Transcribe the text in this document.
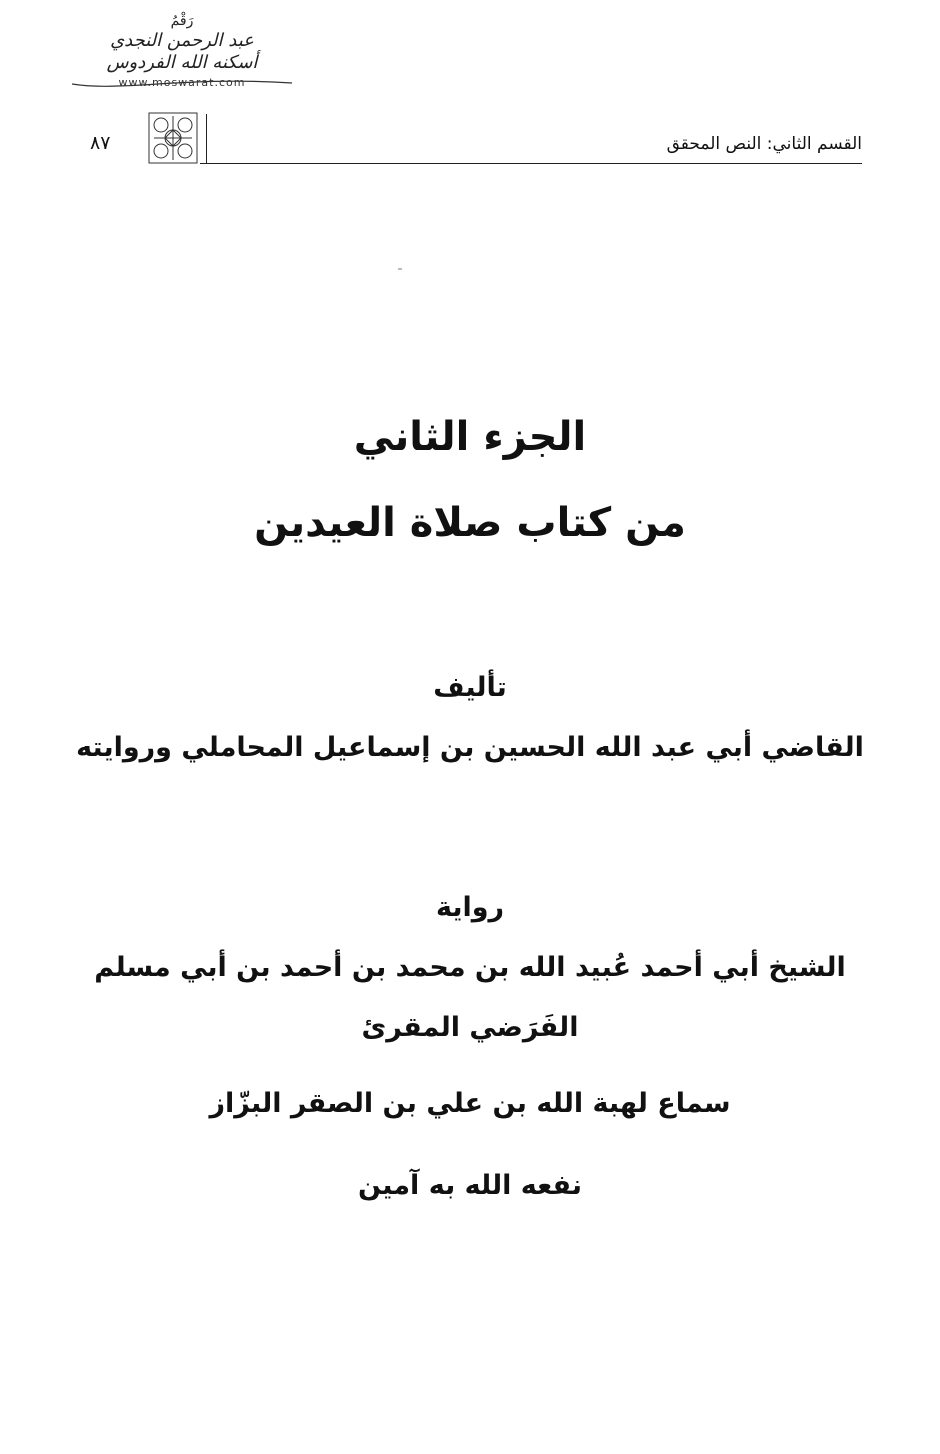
رَقْمُ
عبد الرحمن النجدي
أسكنه الله الفردوس
www.moswarat.com
القسم الثاني: النص المحقق
٨٧
الجزء الثاني
من كتاب صلاة العيدين
تأليف
القاضي أبي عبد الله الحسين بن إسماعيل المحاملي وروايته
رواية
الشيخ أبي أحمد عُبيد الله بن محمد بن أحمد بن أبي مسلم
الفَرَضي المقرئ
سماع لهبة الله بن علي بن الصقر البزّاز
نفعه الله به آمين
